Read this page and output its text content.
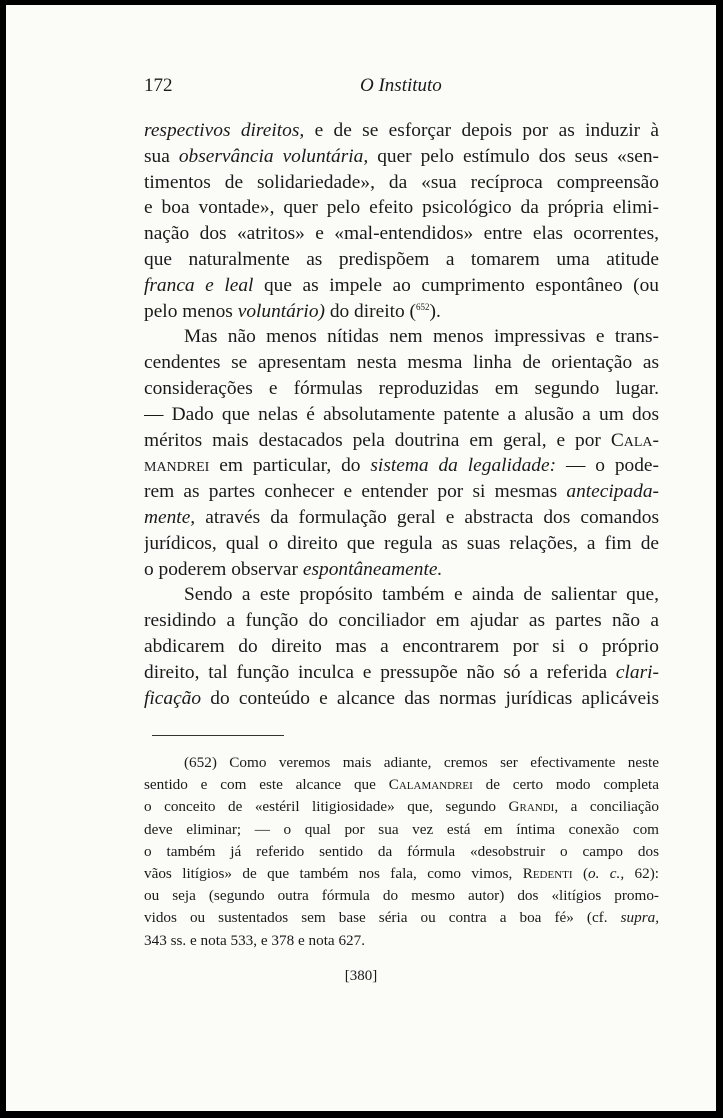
172	O Instituto

respectivos direitos, e de se esforçar depois por as induzir à
sua observância voluntária, quer pelo estímulo dos seus «sen-
timentos de solidariedade», da «sua recíproca compreensão
e boa vontade», quer pelo efeito psicológico da própria elimi-
nação dos «atritos» e «mal-entendidos» entre elas ocorrentes,
que naturalmente as predispõem a tomarem uma atitude
franca e leal que as impele ao cumprimento espontâneo (ou
pelo menos voluntário) do direito ($^{652}$).

Mas não menos nítidas nem menos impressivas e trans-
cendentes se apresentam nesta mesma linha de orientação as
considerações e fórmulas reproduzidas em segundo lugar.
— Dado que nelas é absolutamente patente a alusão a um dos
méritos mais destacados pela doutrina em geral, e por Cala-
mandrei em particular, do sistema da legalidade: — o pode-
rem as partes conhecer e entender por si mesmas antecipada-
mente, através da formulação geral e abstracta dos comandos
jurídicos, qual o direito que regula as suas relações, a fim de
o poderem observar espontâneamente.

Sendo a este propósito também e ainda de salientar que,
residindo a função do conciliador em ajudar as partes não a
abdicarem do direito mas a encontrarem por si o próprio
direito, tal função inculca e pressupõe não só a referida clari-
ficação do conteúdo e alcance das normas jurídicas aplicáveis

(652) Como veremos mais adiante, cremos ser efectivamente neste
sentido e com este alcance que Calamandrei de certo modo completa
o conceito de «estéril litigiosidade» que, segundo Grandi, a conciliação
deve eliminar; — o qual por sua vez está em íntima conexão com
o também já referido sentido da fórmula «desobstruir o campo dos
vãos litígios» de que também nos fala, como vimos, Redenti (o. c., 62):
ou seja (segundo outra fórmula do mesmo autor) dos «litígios promo-
vidos ou sustentados sem base séria ou contra a boa fé» (cf. supra,
343 ss. e nota 533, e 378 e nota 627.
[380]
